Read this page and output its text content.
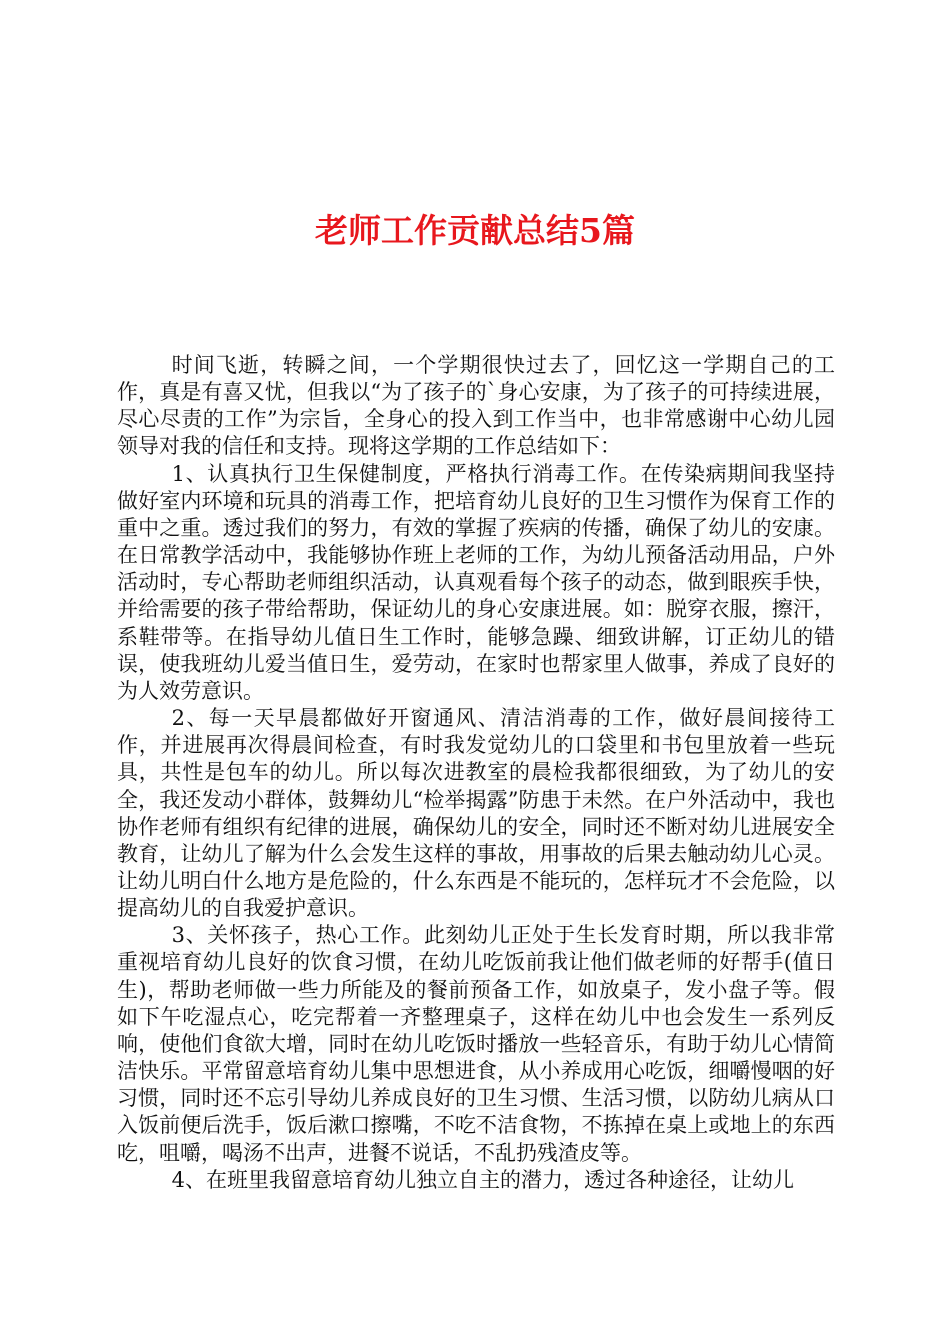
老师工作贡献总结5篇

时间飞逝，转瞬之间，一个学期很快过去了，回忆这一学期自己的工作，真是有喜又忧，但我以“为了孩子的`身心安康，为了孩子的可持续进展，尽心尽责的工作”为宗旨，全身心的投入到工作当中，也非常感谢中心幼儿园领导对我的信任和支持。现将这学期的工作总结如下：

1、认真执行卫生保健制度，严格执行消毒工作。在传染病期间我坚持做好室内环境和玩具的消毒工作，把培育幼儿良好的卫生习惯作为保育工作的重中之重。透过我们的努力，有效的掌握了疾病的传播，确保了幼儿的安康。在日常教学活动中，我能够协作班上老师的工作，为幼儿预备活动用品，户外活动时，专心帮助老师组织活动，认真观看每个孩子的动态，做到眼疾手快，并给需要的孩子带给帮助，保证幼儿的身心安康进展。如：脱穿衣服，擦汗，系鞋带等。在指导幼儿值日生工作时，能够急躁、细致讲解，订正幼儿的错误，使我班幼儿爱当值日生，爱劳动，在家时也帮家里人做事，养成了良好的为人效劳意识。

2、每一天早晨都做好开窗通风、清洁消毒的工作，做好晨间接待工作，并进展再次得晨间检查，有时我发觉幼儿的口袋里和书包里放着一些玩具，共性是包车的幼儿。所以每次进教室的晨检我都很细致，为了幼儿的安全，我还发动小群体，鼓舞幼儿“检举揭露”防患于未然。在户外活动中，我也协作老师有组织有纪律的进展，确保幼儿的安全，同时还不断对幼儿进展安全教育，让幼儿了解为什么会发生这样的事故，用事故的后果去触动幼儿心灵。让幼儿明白什么地方是危险的，什么东西是不能玩的，怎样玩才不会危险，以提高幼儿的自我爱护意识。

3、关怀孩子，热心工作。此刻幼儿正处于生长发育时期，所以我非常重视培育幼儿良好的饮食习惯，在幼儿吃饭前我让他们做老师的好帮手(值日生)，帮助老师做一些力所能及的餐前预备工作，如放桌子，发小盘子等。假如下午吃湿点心，吃完帮着一齐整理桌子，这样在幼儿中也会发生一系列反响，使他们食欲大增，同时在幼儿吃饭时播放一些轻音乐，有助于幼儿心情简洁快乐。平常留意培育幼儿集中思想进食，从小养成用心吃饭，细嚼慢咽的好习惯，同时还不忘引导幼儿养成良好的卫生习惯、生活习惯，以防幼儿病从口入饭前便后洗手，饭后漱口擦嘴，不吃不洁食物，不拣掉在桌上或地上的东西吃，咀嚼，喝汤不出声，进餐不说话，不乱扔残渣皮等。

4、在班里我留意培育幼儿独立自主的潜力，透过各种途径，让幼儿
